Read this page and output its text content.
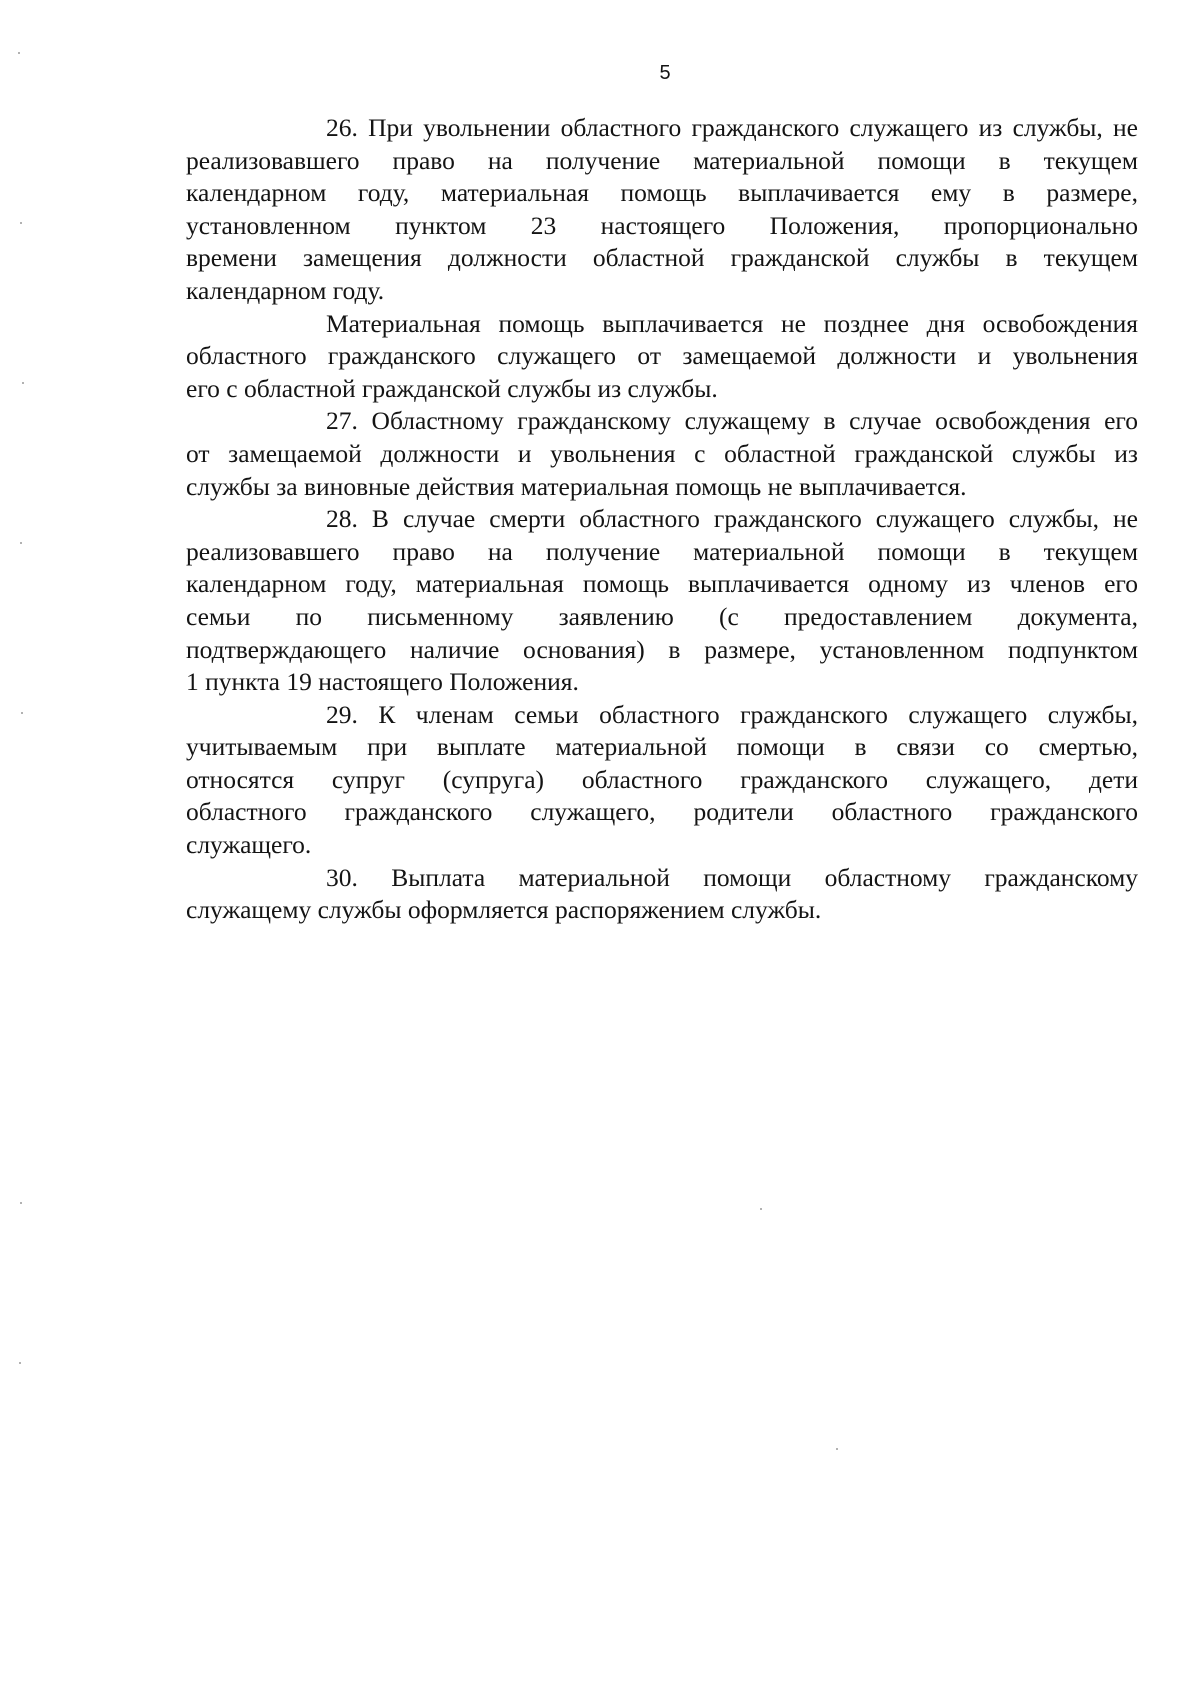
5
26. При увольнении областного гражданского служащего из службы, не
реализовавшего право на получение материальной помощи в текущем
календарном году, материальная помощь выплачивается ему в размере,
установленном пунктом 23 настоящего Положения, пропорционально
времени замещения должности областной гражданской службы в текущем
календарном году.
Материальная помощь выплачивается не позднее дня освобождения
областного гражданского служащего от замещаемой должности и увольнения
его с областной гражданской службы из службы.
27. Областному гражданскому служащему в случае освобождения его
от замещаемой должности и увольнения с областной гражданской службы из
службы за виновные действия материальная помощь не выплачивается.
28. В случае смерти областного гражданского служащего службы, не
реализовавшего право на получение материальной помощи в текущем
календарном году, материальная помощь выплачивается одному из членов его
семьи по письменному заявлению (с предоставлением документа,
подтверждающего наличие основания) в размере, установленном подпунктом
1 пункта 19 настоящего Положения.
29. К членам семьи областного гражданского служащего службы,
учитываемым при выплате материальной помощи в связи со смертью,
относятся супруг (супруга) областного гражданского служащего, дети
областного гражданского служащего, родители областного гражданского
служащего.
30. Выплата материальной помощи областному гражданскому
служащему службы оформляется распоряжением службы.
